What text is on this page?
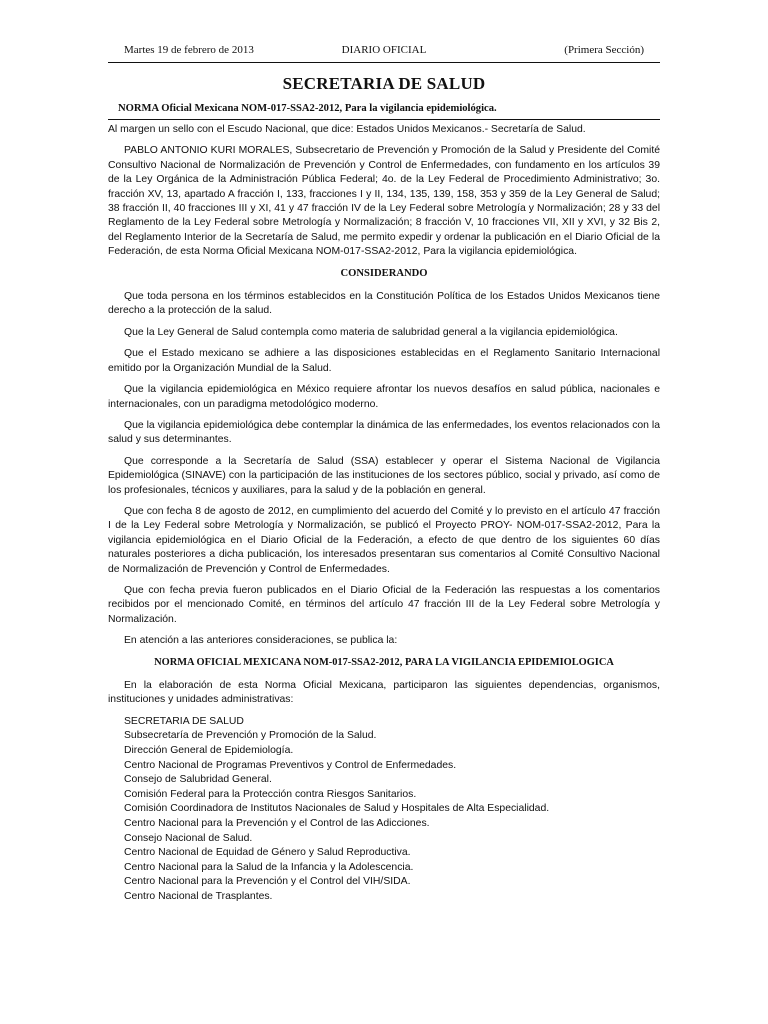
Martes 19 de febrero de 2013	DIARIO OFICIAL	(Primera Sección)
SECRETARIA DE SALUD
NORMA Oficial Mexicana NOM-017-SSA2-2012, Para la vigilancia epidemiológica.

Al margen un sello con el Escudo Nacional, que dice: Estados Unidos Mexicanos.- Secretaría de Salud.

PABLO ANTONIO KURI MORALES, Subsecretario de Prevención y Promoción de la Salud y Presidente del Comité Consultivo Nacional de Normalización de Prevención y Control de Enfermedades, con fundamento en los artículos 39 de la Ley Orgánica de la Administración Pública Federal; 4o. de la Ley Federal de Procedimiento Administrativo; 3o. fracción XV, 13, apartado A fracción I, 133, fracciones I y II, 134, 135, 139, 158, 353 y 359 de la Ley General de Salud; 38 fracción II, 40 fracciones III y XI, 41 y 47 fracción IV de la Ley Federal sobre Metrología y Normalización; 28 y 33 del Reglamento de la Ley Federal sobre Metrología y Normalización; 8 fracción V, 10 fracciones VII, XII y XVI, y 32 Bis 2, del Reglamento Interior de la Secretaría de Salud, me permito expedir y ordenar la publicación en el Diario Oficial de la Federación, de esta Norma Oficial Mexicana NOM-017-SSA2-2012, Para la vigilancia epidemiológica.

CONSIDERANDO

Que toda persona en los términos establecidos en la Constitución Política de los Estados Unidos Mexicanos tiene derecho a la protección de la salud.

Que la Ley General de Salud contempla como materia de salubridad general a la vigilancia epidemiológica.

Que el Estado mexicano se adhiere a las disposiciones establecidas en el Reglamento Sanitario Internacional emitido por la Organización Mundial de la Salud.

Que la vigilancia epidemiológica en México requiere afrontar los nuevos desafíos en salud pública, nacionales e internacionales, con un paradigma metodológico moderno.

Que la vigilancia epidemiológica debe contemplar la dinámica de las enfermedades, los eventos relacionados con la salud y sus determinantes.

Que corresponde a la Secretaría de Salud (SSA) establecer y operar el Sistema Nacional de Vigilancia Epidemiológica (SINAVE) con la participación de las instituciones de los sectores público, social y privado, así como de los profesionales, técnicos y auxiliares, para la salud y de la población en general.

Que con fecha 8 de agosto de 2012, en cumplimiento del acuerdo del Comité y lo previsto en el artículo 47 fracción I de la Ley Federal sobre Metrología y Normalización, se publicó el Proyecto PROY- NOM-017-SSA2-2012, Para la vigilancia epidemiológica en el Diario Oficial de la Federación, a efecto de que dentro de los siguientes 60 días naturales posteriores a dicha publicación, los interesados presentaran sus comentarios al Comité Consultivo Nacional de Normalización de Prevención y Control de Enfermedades.

Que con fecha previa fueron publicados en el Diario Oficial de la Federación las respuestas a los comentarios recibidos por el mencionado Comité, en términos del artículo 47 fracción III de la Ley Federal sobre Metrología y Normalización.

En atención a las anteriores consideraciones, se publica la:

NORMA OFICIAL MEXICANA NOM-017-SSA2-2012, PARA LA VIGILANCIA EPIDEMIOLOGICA

En la elaboración de esta Norma Oficial Mexicana, participaron las siguientes dependencias, organismos, instituciones y unidades administrativas:

SECRETARIA DE SALUD
Subsecretaría de Prevención y Promoción de la Salud.
Dirección General de Epidemiología.
Centro Nacional de Programas Preventivos y Control de Enfermedades.
Consejo de Salubridad General.
Comisión Federal para la Protección contra Riesgos Sanitarios.
Comisión Coordinadora de Institutos Nacionales de Salud y Hospitales de Alta Especialidad.
Centro Nacional para la Prevención y el Control de las Adicciones.
Consejo Nacional de Salud.
Centro Nacional de Equidad de Género y Salud Reproductiva.
Centro Nacional para la Salud de la Infancia y la Adolescencia.
Centro Nacional para la Prevención y el Control del VIH/SIDA.
Centro Nacional de Trasplantes.
